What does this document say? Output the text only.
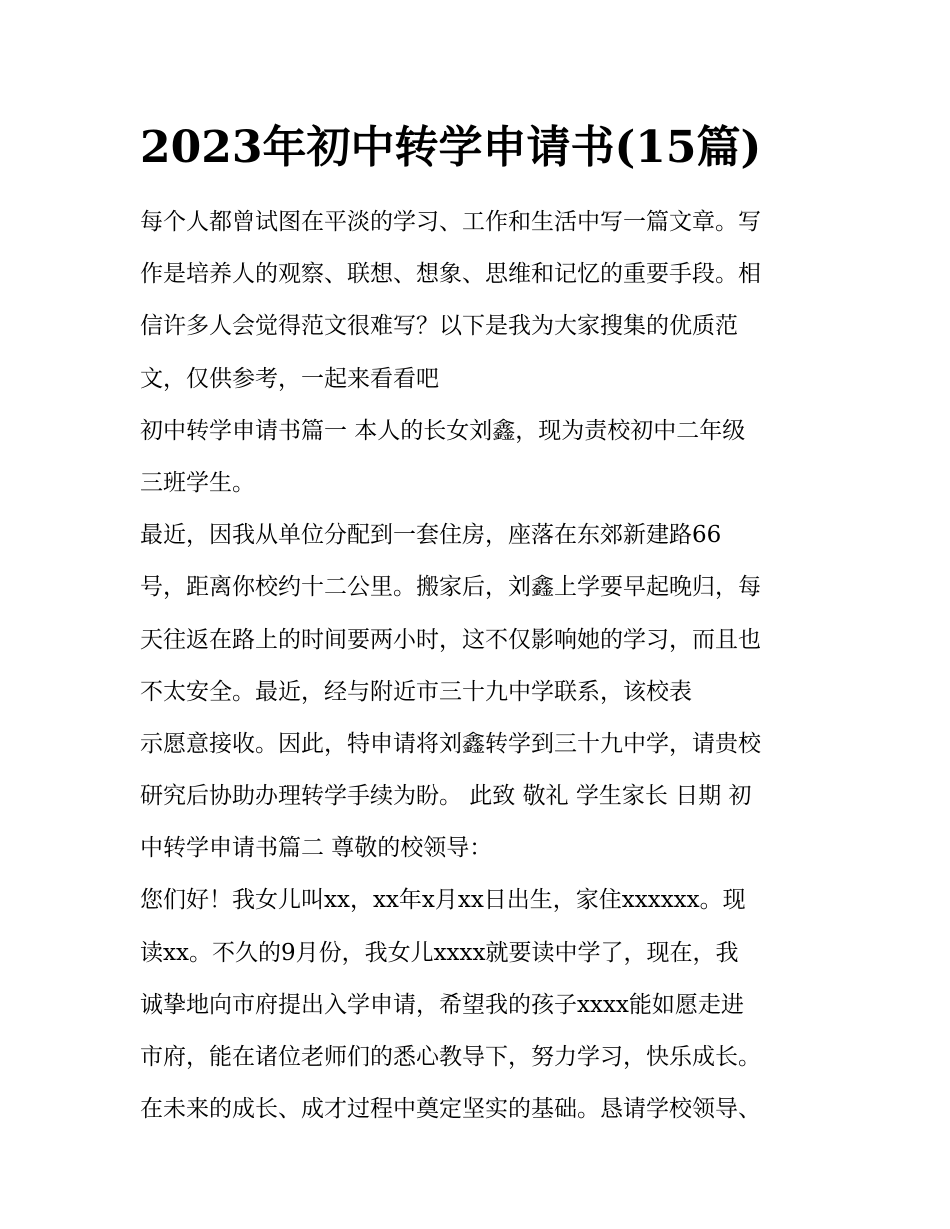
2023年初中转学申请书(15篇)
每个人都曾试图在平淡的学习、工作和生活中写一篇文章。写
作是培养人的观察、联想、想象、思维和记忆的重要手段。相
信许多人会觉得范文很难写？以下是我为大家搜集的优质范
文，仅供参考，一起来看看吧
初中转学申请书篇一 本人的长女刘鑫，现为责校初中二年级
三班学生。
最近，因我从单位分配到一套住房，座落在东郊新建路66
号，距离你校约十二公里。搬家后，刘鑫上学要早起晚归，每
天往返在路上的时间要两小时，这不仅影响她的学习，而且也
不太安全。最近，经与附近市三十九中学联系，该校表
示愿意接收。因此，特申请将刘鑫转学到三十九中学，请贵校
研究后协助办理转学手续为盼。 此致 敬礼 学生家长 日期 初
中转学申请书篇二 尊敬的校领导：
您们好！我女儿叫xx，xx年x月xx日出生，家住xxxxxx。现
读xx。不久的9月份，我女儿xxxx就要读中学了，现在，我
诚挚地向市府提出入学申请，希望我的孩子xxxx能如愿走进
市府，能在诸位老师们的悉心教导下，努力学习，快乐成长。
在未来的成长、成才过程中奠定坚实的基础。恳请学校领导、
